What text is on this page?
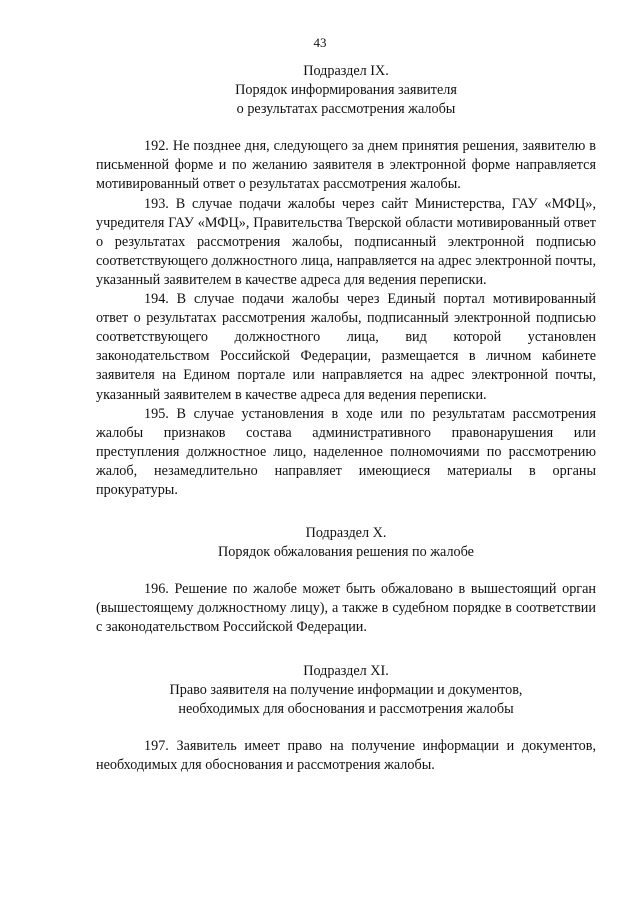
43
Подраздел IX.
Порядок информирования заявителя
о результатах рассмотрения жалобы

192. Не позднее дня, следующего за днем принятия решения, заявителю в письменной форме и по желанию заявителя в электронной форме направляется мотивированный ответ о результатах рассмотрения жалобы.

193. В случае подачи жалобы через сайт Министерства, ГАУ «МФЦ», учредителя ГАУ «МФЦ», Правительства Тверской области мотивированный ответ о результатах рассмотрения жалобы, подписанный электронной подписью соответствующего должностного лица, направляется на адрес электронной почты, указанный заявителем в качестве адреса для ведения переписки.

194. В случае подачи жалобы через Единый портал мотивированный ответ о результатах рассмотрения жалобы, подписанный электронной подписью соответствующего должностного лица, вид которой установлен законодательством Российской Федерации, размещается в личном кабинете заявителя на Едином портале или направляется на адрес электронной почты, указанный заявителем в качестве адреса для ведения переписки.

195. В случае установления в ходе или по результатам рассмотрения жалобы признаков состава административного правонарушения или преступления должностное лицо, наделенное полномочиями по рассмотрению жалоб, незамедлительно направляет имеющиеся материалы в органы прокуратуры.

Подраздел X.
Порядок обжалования решения по жалобе

196. Решение по жалобе может быть обжаловано в вышестоящий орган (вышестоящему должностному лицу), а также в судебном порядке в соответствии с законодательством Российской Федерации.

Подраздел XI.
Право заявителя на получение информации и документов,
необходимых для обоснования и рассмотрения жалобы

197. Заявитель имеет право на получение информации и документов, необходимых для обоснования и рассмотрения жалобы.
